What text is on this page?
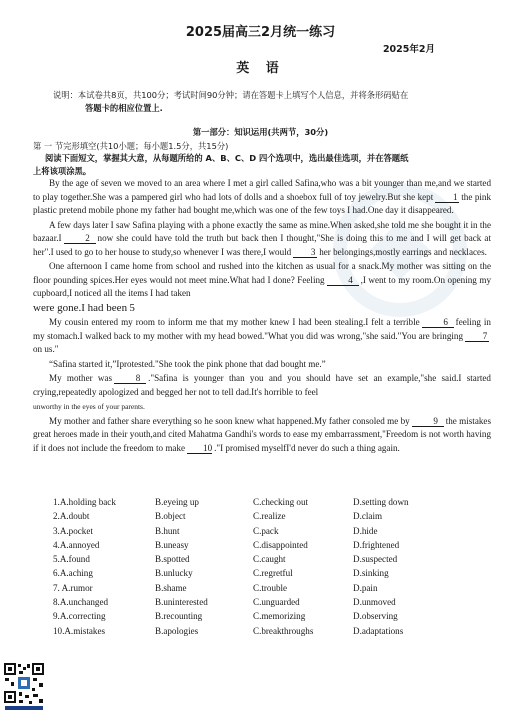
2025届高三2月统一练习
2025年2月
英 语
说明：本试卷共8页，共100分；考试时间90分钟；请在答题卡上填写个人信息，并将条形码贴在
答题卡的相应位置上.
第一部分：知识运用(共两节，30分)
第 一 节完形填空(共10小题；每小题1.5分，共15分)
阅读下面短文，掌握其大意，从每题所给的 A、B、C、D 四个选项中，选出最佳选项，并在答题纸
上将该项涂黑。

By the age of seven we moved to an area where I met a girl called Safina,who was a bit younger than me,and we started to play together.She was a pampered girl who had lots of dolls and a shoebox full of toy jewelry.But she kept 1 the pink plastic pretend mobile phone my father had bought me,which was one of the few toys I had.One day it disappeared.

A few days later I saw Safina playing with a phone exactly the same as mine.When asked,she told me she bought it in the bazaar.I	2 now she could have told the truth but back then I thought,"She is doing this to me and I will get back at her".I used to go to her house to study,so whenever I was there,I would 3 her belongings,mostly earrings and necklaces.

One afternoon I came home from school and rushed into the kitchen as usual for a snack.My mother was sitting on the floor pounding spices.Her eyes would not meet mine.What had I done? Feeling	4 ,I went to my room.On opening my cupboard,I noticed all the items I had taken

were gone.I had been 5

My cousin entered my room to inform me that my mother knew I had been stealing.I felt a terrible	6 feeling in my stomach.I walked back to my mother with my head bowed."What you did was wrong,"she said."You are bringing 7on us."

“Safina started it,”Iprotested."She took the pink phone that dad bought me.”

My mother was	8 ."Safina is younger than you and you should have set an example,"she said.I started crying,repeatedly apologized and begged her not to tell dad.It's horrible to feel

unworthy in the eyes of your parents.

My mother and father share everything so he soon knew what happened.My father consoled me by	9 the mistakes great heroes made in their youth,and cited Mahatma Gandhi's words to ease my embarrassment,"Freedom is not worth having if it does not include the freedom to make 10 ."I promised myselfI'd never do such a thing again.

1.A.holding back	B.eyeing up	C.checking out	D.setting down
2.A.doubt	B.object	C.realize	D.claim
3.A.pocket	B.hunt	C.pack	D.hide
4.A.annoyed	B.uneasy	C.disappointed	D.frightened
5.A.found	B.spotted	C.caught	D.suspected
6.A.aching	B.unlucky	C.regretful	D.sinking
7. A.rumor	B.shame	C.trouble	D.pain
8.A.unchanged	B.uninterested	C.unguarded	D.unmoved
9.A.correcting	B.recounting	C.memorizing	D.observing
10.A.mistakes	B.apologies	C.breakthroughs	D.adaptations
